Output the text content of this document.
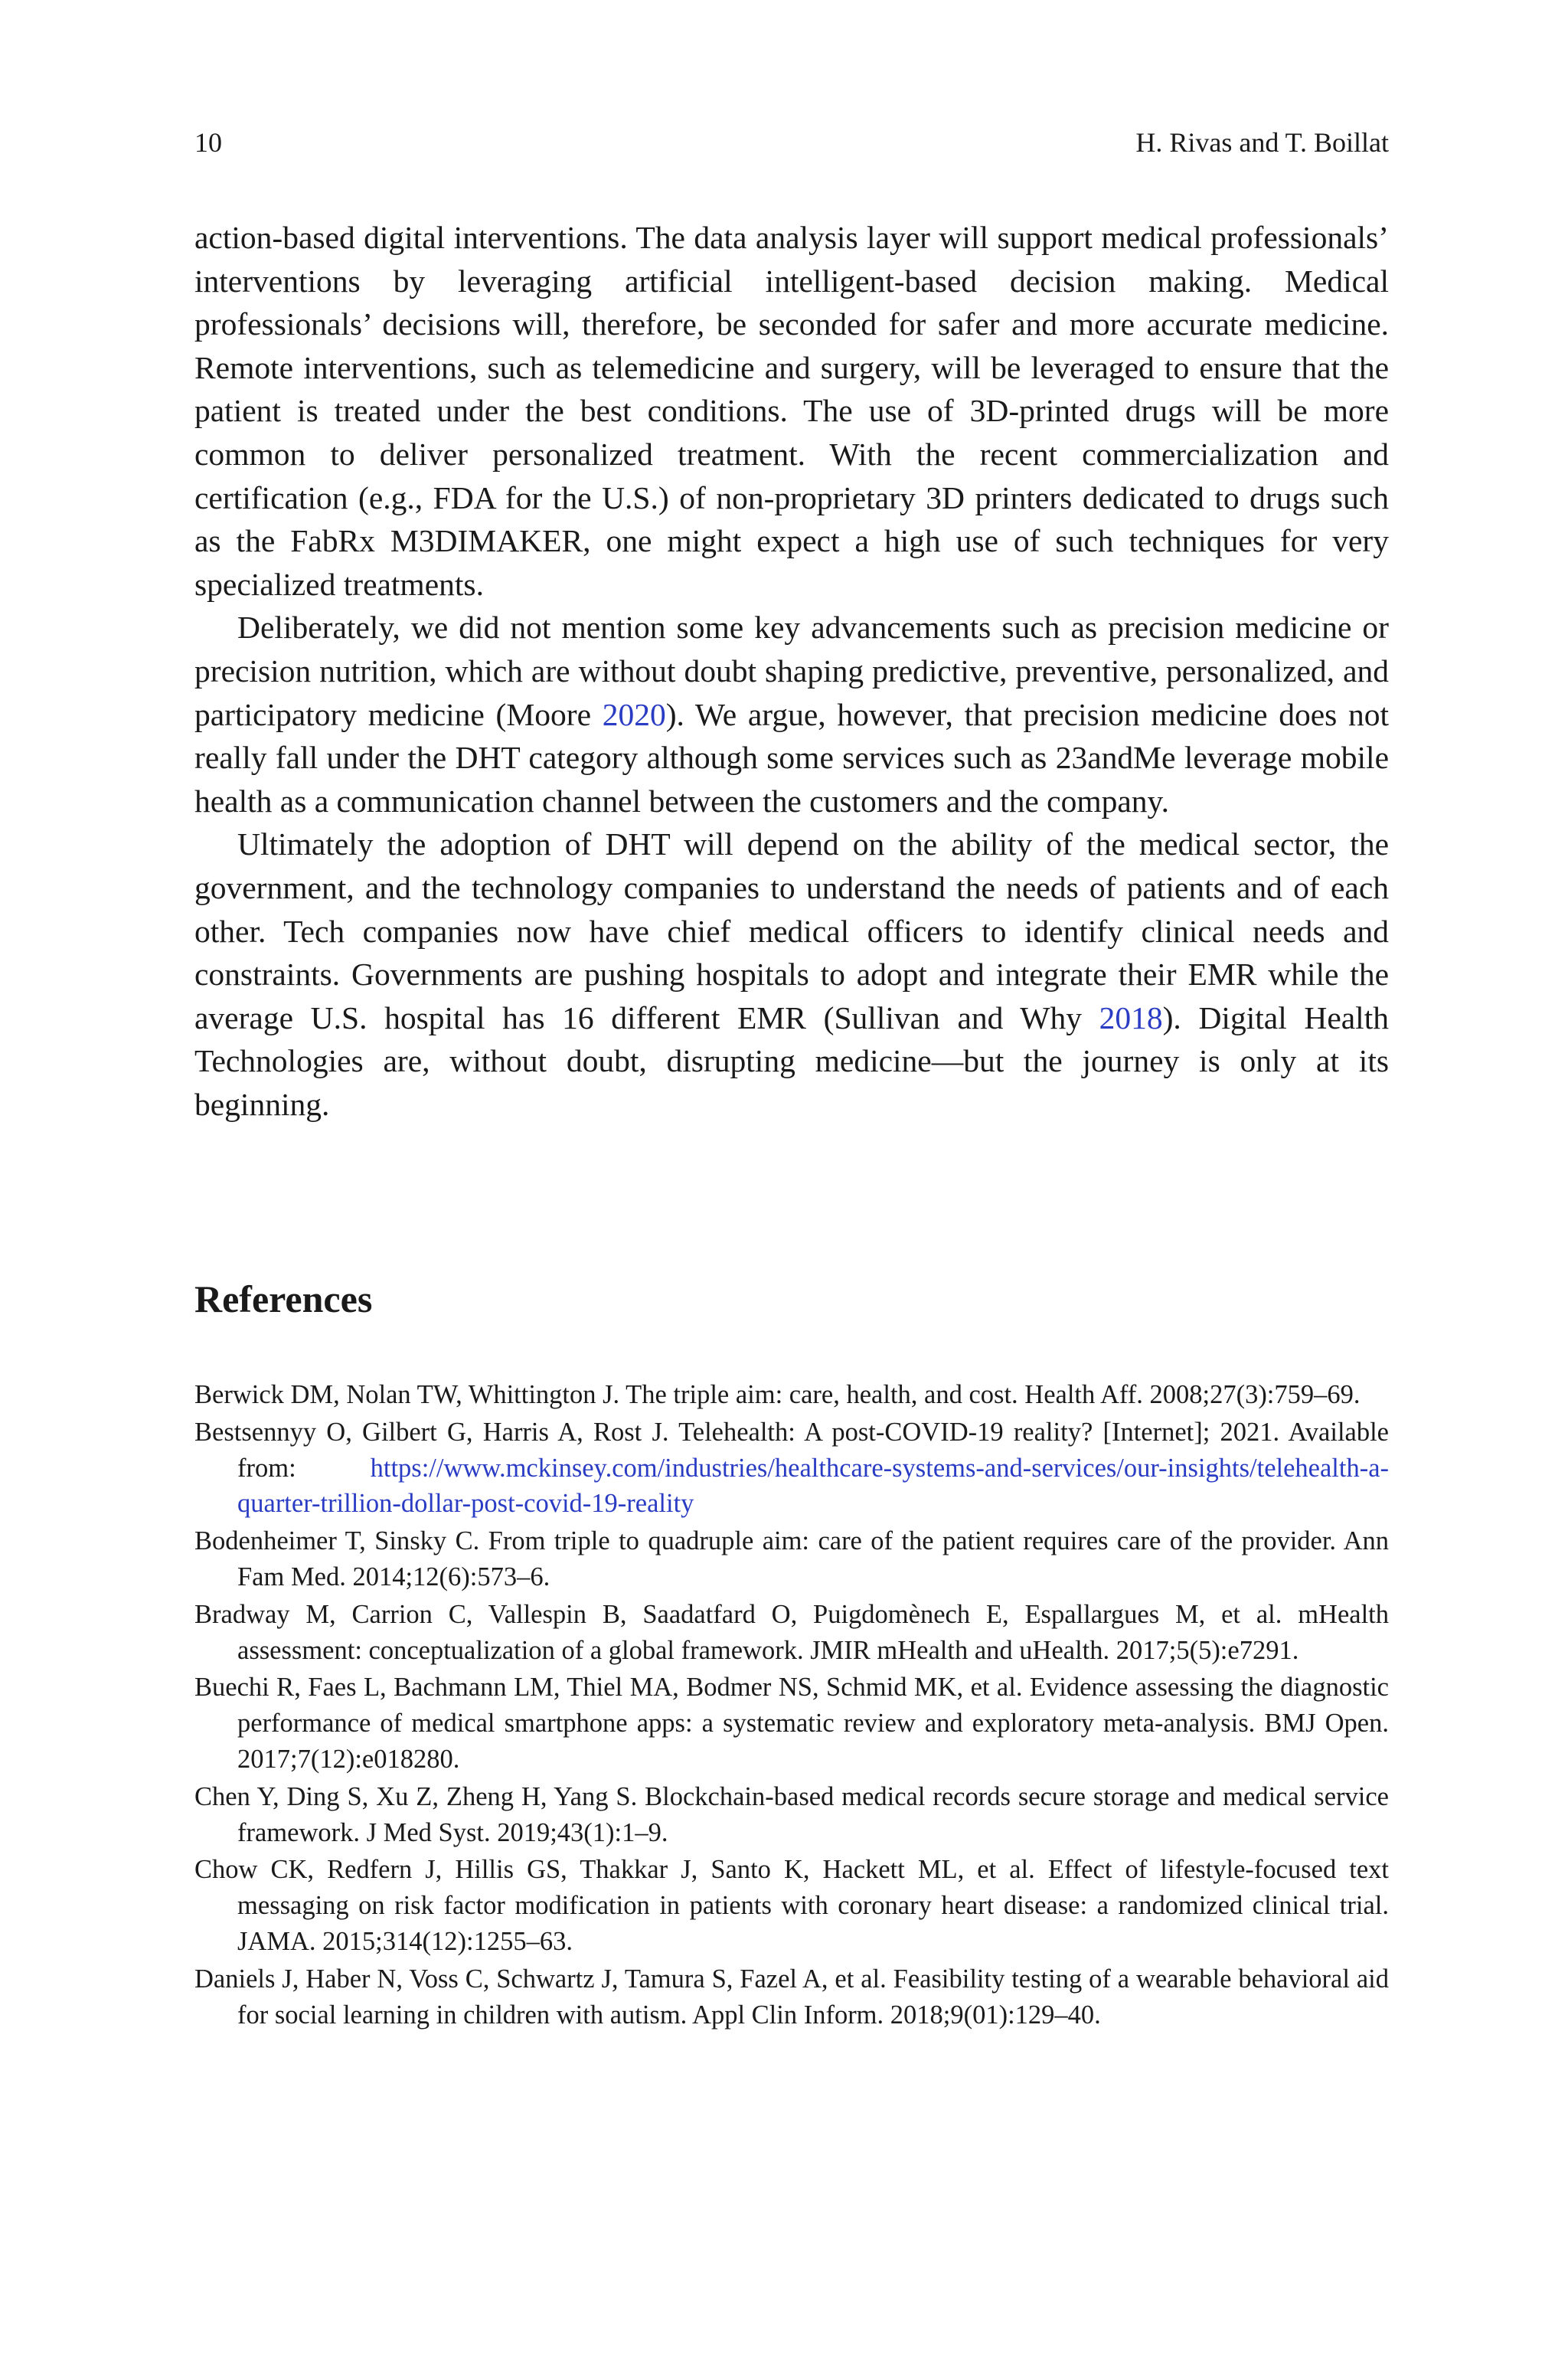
10	H. Rivas and T. Boillat

action-based digital interventions. The data analysis layer will support medical professionals’ interventions by leveraging artificial intelligent-based decision making. Medical professionals’ decisions will, therefore, be seconded for safer and more accurate medicine. Remote interventions, such as telemedicine and surgery, will be leveraged to ensure that the patient is treated under the best conditions. The use of 3D-printed drugs will be more common to deliver personalized treatment. With the recent commercialization and certification (e.g., FDA for the U.S.) of non-proprietary 3D printers dedicated to drugs such as the FabRx M3DIMAKER, one might expect a high use of such techniques for very specialized treatments.

Deliberately, we did not mention some key advancements such as precision medicine or precision nutrition, which are without doubt shaping predictive, preventive, personalized, and participatory medicine (Moore 2020). We argue, however, that precision medicine does not really fall under the DHT category although some services such as 23andMe leverage mobile health as a communication channel between the customers and the company.

Ultimately the adoption of DHT will depend on the ability of the medical sector, the government, and the technology companies to understand the needs of patients and of each other. Tech companies now have chief medical officers to identify clinical needs and constraints. Governments are pushing hospitals to adopt and integrate their EMR while the average U.S. hospital has 16 different EMR (Sullivan and Why 2018). Digital Health Technologies are, without doubt, disrupting medicine—but the journey is only at its beginning.

References
Berwick DM, Nolan TW, Whittington J. The triple aim: care, health, and cost. Health Aff. 2008;27(3):759–69.
Bestsennyy O, Gilbert G, Harris A, Rost J. Telehealth: A post-COVID-19 reality? [Internet]; 2021. Available from: https://www.mckinsey.com/industries/healthcare-systems-and-services/our-insights/telehealth-a-quarter-trillion-dollar-post-covid-19-reality
Bodenheimer T, Sinsky C. From triple to quadruple aim: care of the patient requires care of the provider. Ann Fam Med. 2014;12(6):573–6.
Bradway M, Carrion C, Vallespin B, Saadatfard O, Puigdomènech E, Espallargues M, et al. mHealth assessment: conceptualization of a global framework. JMIR mHealth and uHealth. 2017;5(5):e7291.
Buechi R, Faes L, Bachmann LM, Thiel MA, Bodmer NS, Schmid MK, et al. Evidence assessing the diagnostic performance of medical smartphone apps: a systematic review and exploratory meta-analysis. BMJ Open. 2017;7(12):e018280.
Chen Y, Ding S, Xu Z, Zheng H, Yang S. Blockchain-based medical records secure storage and medical service framework. J Med Syst. 2019;43(1):1–9.
Chow CK, Redfern J, Hillis GS, Thakkar J, Santo K, Hackett ML, et al. Effect of lifestyle-focused text messaging on risk factor modification in patients with coronary heart disease: a randomized clinical trial. JAMA. 2015;314(12):1255–63.
Daniels J, Haber N, Voss C, Schwartz J, Tamura S, Fazel A, et al. Feasibility testing of a wearable behavioral aid for social learning in children with autism. Appl Clin Inform. 2018;9(01):129–40.
